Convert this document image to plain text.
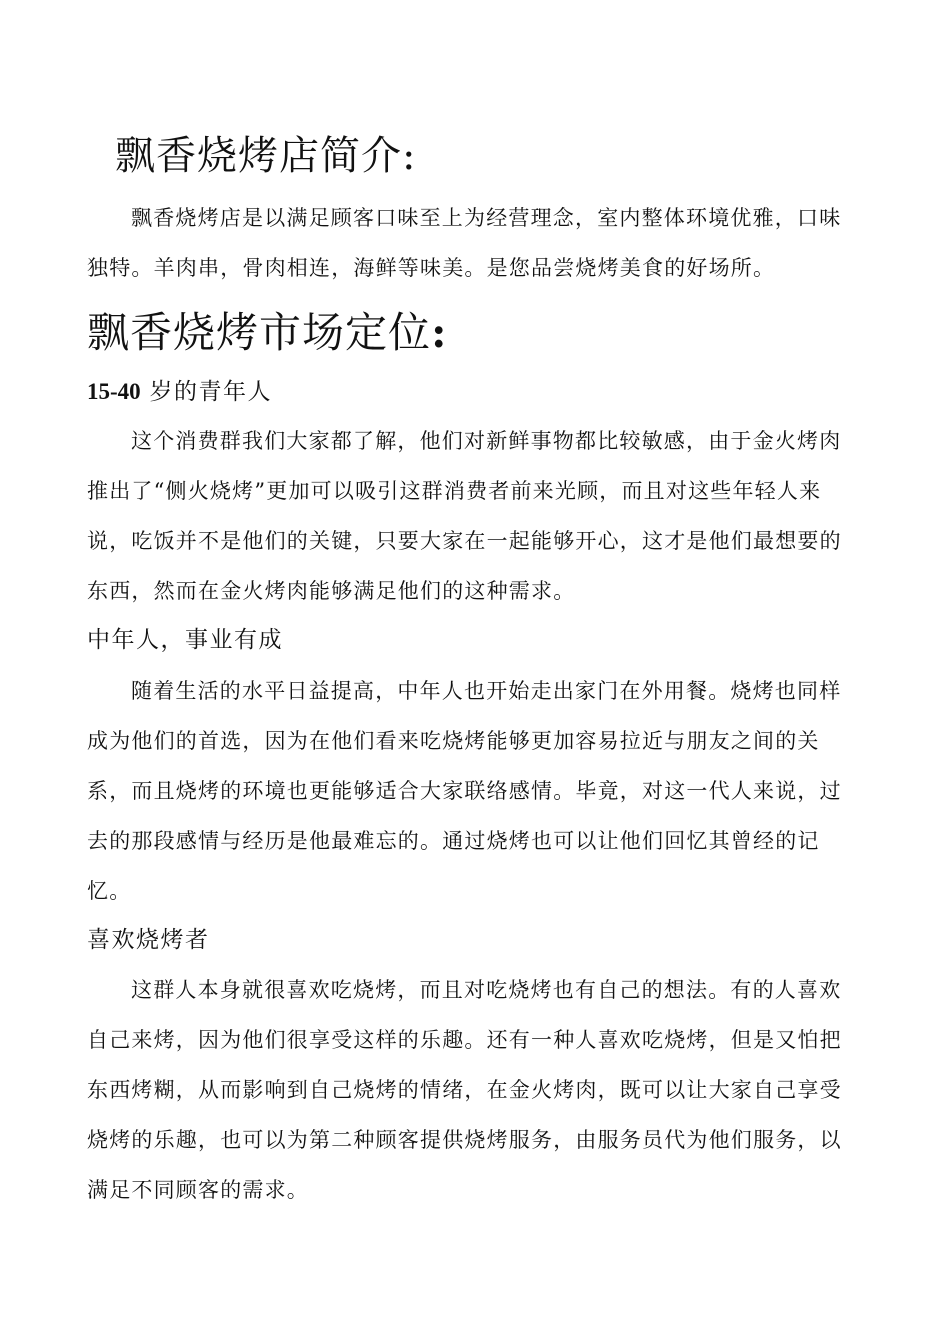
飘香烧烤店简介:

飘香烧烤店是以满足顾客口味至上为经营理念，室内整体环境优雅，口味独特。羊肉串，骨肉相连，海鲜等味美。是您品尝烧烤美食的好场所。

飘香烧烤市场定位:
15-40 岁的青年人

这个消费群我们大家都了解，他们对新鲜事物都比较敏感，由于金火烤肉推出了“侧火烧烤”更加可以吸引这群消费者前来光顾，而且对这些年轻人来说，吃饭并不是他们的关键，只要大家在一起能够开心，这才是他们最想要的东西，然而在金火烤肉能够满足他们的这种需求。

中年人，事业有成

随着生活的水平日益提高，中年人也开始走出家门在外用餐。烧烤也同样成为他们的首选，因为在他们看来吃烧烤能够更加容易拉近与朋友之间的关系，而且烧烤的环境也更能够适合大家联络感情。毕竟，对这一代人来说，过去的那段感情与经历是他最难忘的。通过烧烤也可以让他们回忆其曾经的记忆。

喜欢烧烤者

这群人本身就很喜欢吃烧烤，而且对吃烧烤也有自己的想法。有的人喜欢自己来烤，因为他们很享受这样的乐趣。还有一种人喜欢吃烧烤，但是又怕把东西烤糊，从而影响到自己烧烤的情绪，在金火烤肉，既可以让大家自己享受烧烤的乐趣，也可以为第二种顾客提供烧烤服务，由服务员代为他们服务，以满足不同顾客的需求。
